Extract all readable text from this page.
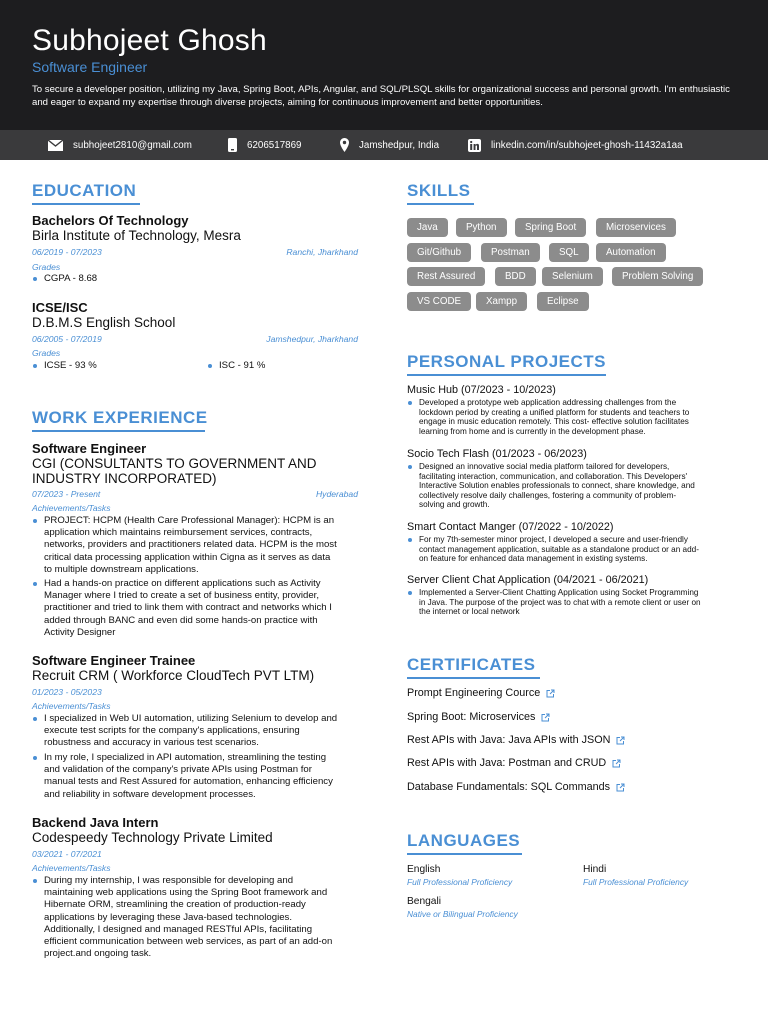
Subhojeet Ghosh
Software Engineer
To secure a developer position, utilizing my Java, Spring Boot, APIs, Angular, and SQL/PLSQL skills for organizational success and personal growth. I'm enthusiastic and eager to expand my expertise through diverse projects, aiming for continuous improvement and better opportunities.
subhojeet2810@gmail.com	6206517869	Jamshedpur, India	linkedin.com/in/subhojeet-ghosh-11432a1aa
EDUCATION
Bachelors Of Technology
Birla Institute of Technology, Mesra
06/2019 - 07/2023	Ranchi, Jharkhand
Grades
CGPA - 8.68
ICSE/ISC
D.B.M.S English School
06/2005 - 07/2019	Jamshedpur, Jharkhand
Grades
ICSE - 93 %	ISC - 91 %
WORK EXPERIENCE
Software Engineer
CGI (CONSULTANTS TO GOVERNMENT AND
INDUSTRY INCORPORATED)
07/2023 - Present	Hyderabad
Achievements/Tasks
PROJECT: HCPM (Health Care Professional Manager): HCPM is an
application which maintains reimbursement services, contracts,
networks, providers and practitioners related data. HCPM is the most
critical data processing application within Cigna as it serves as data
to multiple downstream applications.
Had a hands-on practice on different applications such as Activity
Manager where I tried to create a set of business entity, provider,
practitioner and tried to link them with contract and networks which I
added through BANC and even did some hands-on practice with
Activity Designer
Software Engineer Trainee
Recruit CRM ( Workforce CloudTech PVT LTM)
01/2023 - 05/2023
Achievements/Tasks
I specialized in Web UI automation, utilizing Selenium to develop and
execute test scripts for the company's applications, ensuring
robustness and accuracy in various test scenarios.
In my role, I specialized in API automation, streamlining the testing
and validation of the company's private APIs using Postman for
manual tests and Rest Assured for automation, enhancing efficiency
and reliability in software development processes.
Backend Java Intern
Codespeedy Technology Private Limited
03/2021 - 07/2021
Achievements/Tasks
During my internship, I was responsible for developing and
maintaining web applications using the Spring Boot framework and
Hibernate ORM, streamlining the creation of production-ready
applications by leveraging these Java-based technologies.
Additionally, I designed and managed RESTful APIs, facilitating
efficient communication between web services, as part of an add-on
project.and ongoing task.
SKILLS
Java	Python	Spring Boot	Microservices
Git/Github	Postman	SQL	Automation
Rest Assured	BDD	Selenium	Problem Solving
VS CODE	Xampp	Eclipse
PERSONAL PROJECTS
Music Hub (07/2023 - 10/2023)
Developed a prototype web application addressing challenges from the
lockdown period by creating a unified platform for students and teachers to
engage in music education remotely. This cost- effective solution facilitates
learning from home and is currently in the development phase.
Socio Tech Flash (01/2023 - 06/2023)
Designed an innovative social media platform tailored for developers,
facilitating interaction, communication, and collaboration. This Developers'
Interactive Solution enables professionals to connect, share knowledge, and
collectively resolve daily challenges, fostering a community of problem-
solving and growth.
Smart Contact Manger (07/2022 - 10/2022)
For my 7th-semester minor project, I developed a secure and user-friendly
contact management application, suitable as a standalone product or an add-
on feature for enhanced data management in existing systems.
Server Client Chat Application (04/2021 - 06/2021)
Implemented a Server-Client Chatting Application using Socket Programming
in Java. The purpose of the project was to chat with a remote client or user on
the internet or local network
CERTIFICATES
Prompt Engineering Cource
Spring Boot: Microservices
Rest APIs with Java: Java APIs with JSON
Rest APIs with Java: Postman and CRUD
Database Fundamentals: SQL Commands
LANGUAGES
English
Full Professional Proficiency
Hindi
Full Professional Proficiency
Bengali
Native or Bilingual Proficiency
